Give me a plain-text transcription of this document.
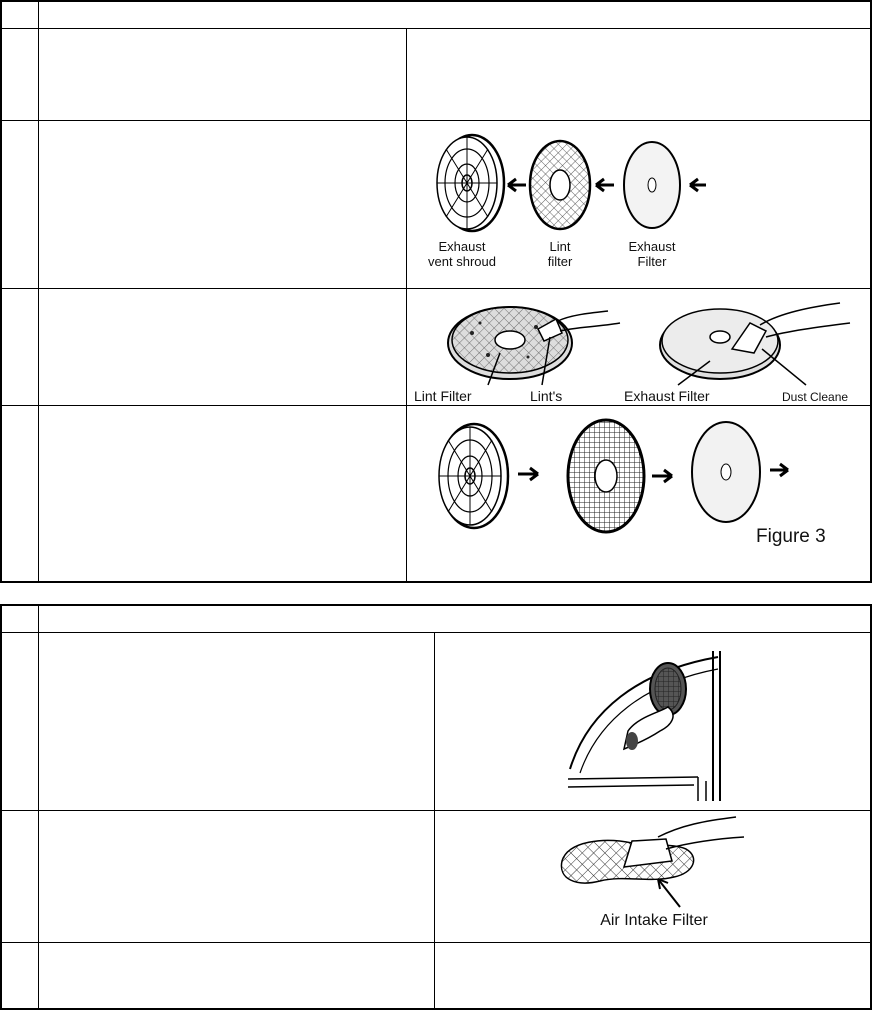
Exhaust
vent shroud
Lint
filter
Exhaust
Filter
Lint Filter	Lint's	Exhaust Filter	Dust Cleane
Figure 3
Air Intake Filter
